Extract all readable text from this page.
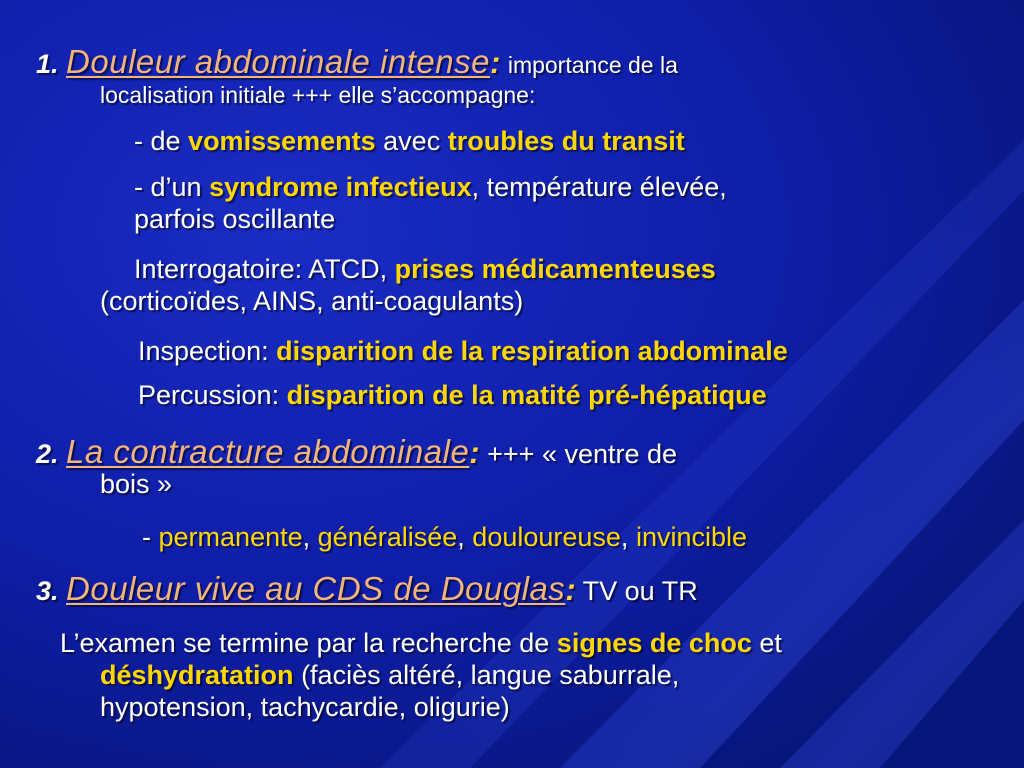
1. Douleur abdominale intense: importance de la
localisation initiale +++ elle s’accompagne:
- de vomissements avec troubles du transit
- d’un syndrome infectieux, température élevée,
parfois oscillante
Interrogatoire: ATCD, prises médicamenteuses
(corticoïdes, AINS, anti-coagulants)
Inspection: disparition de la respiration abdominale
Percussion: disparition de la matité pré-hépatique
2. La contracture abdominale: +++ « ventre de
bois »
- permanente, généralisée, douloureuse, invincible
3. Douleur vive au CDS de Douglas: TV ou TR
L’examen se termine par la recherche de signes de choc et
déshydratation (faciès altéré, langue saburrale,
hypotension, tachycardie, oligurie)
